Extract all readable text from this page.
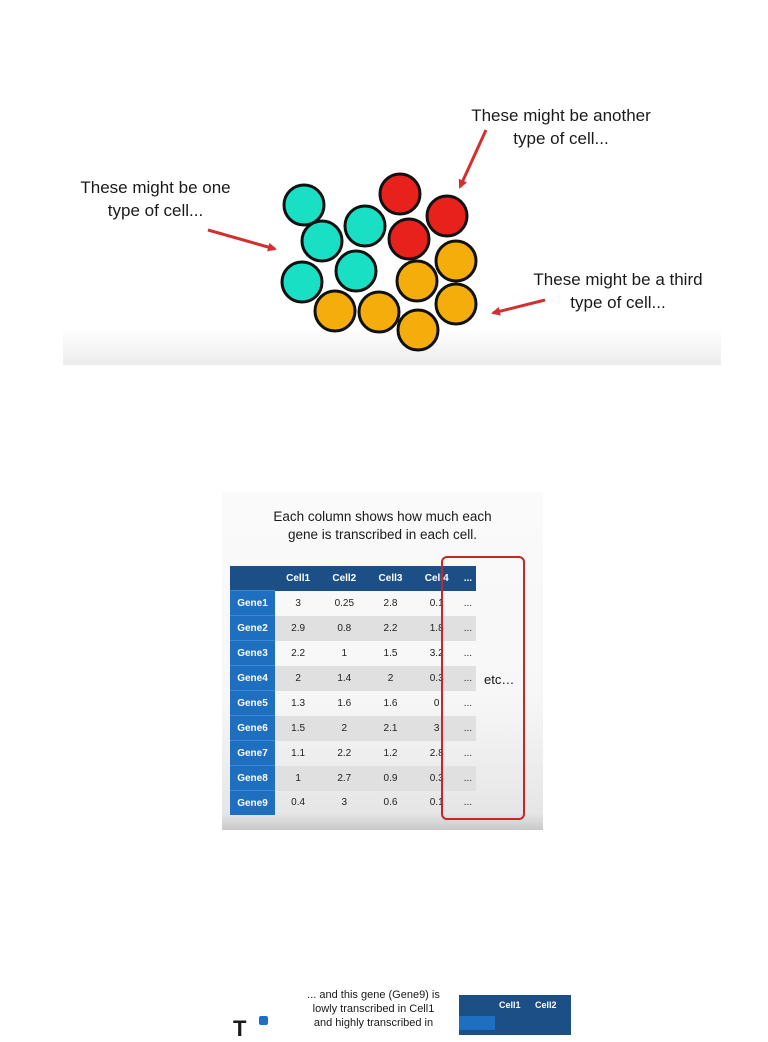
These might be one
type of cell...
These might be another
type of cell...
These might be a third
type of cell...
Each column shows how much each
gene is transcribed in each cell.
	Cell1	Cell2	Cell3	Cell4	...
Gene1	3	0.25	2.8	0.1	...
Gene2	2.9	0.8	2.2	1.8	...
Gene3	2.2	1	1.5	3.2	...
Gene4	2	1.4	2	0.3	...
Gene5	1.3	1.6	1.6	0	...
Gene6	1.5	2	2.1	3	...
Gene7	1.1	2.2	1.2	2.8	...
Gene8	1	2.7	0.9	0.3	...
Gene9	0.4	3	0.6	0.1	...
etc…
T
... and this gene (Gene9) is
lowly transcribed in Cell1
and highly transcribed in
Cell1 Cell2
